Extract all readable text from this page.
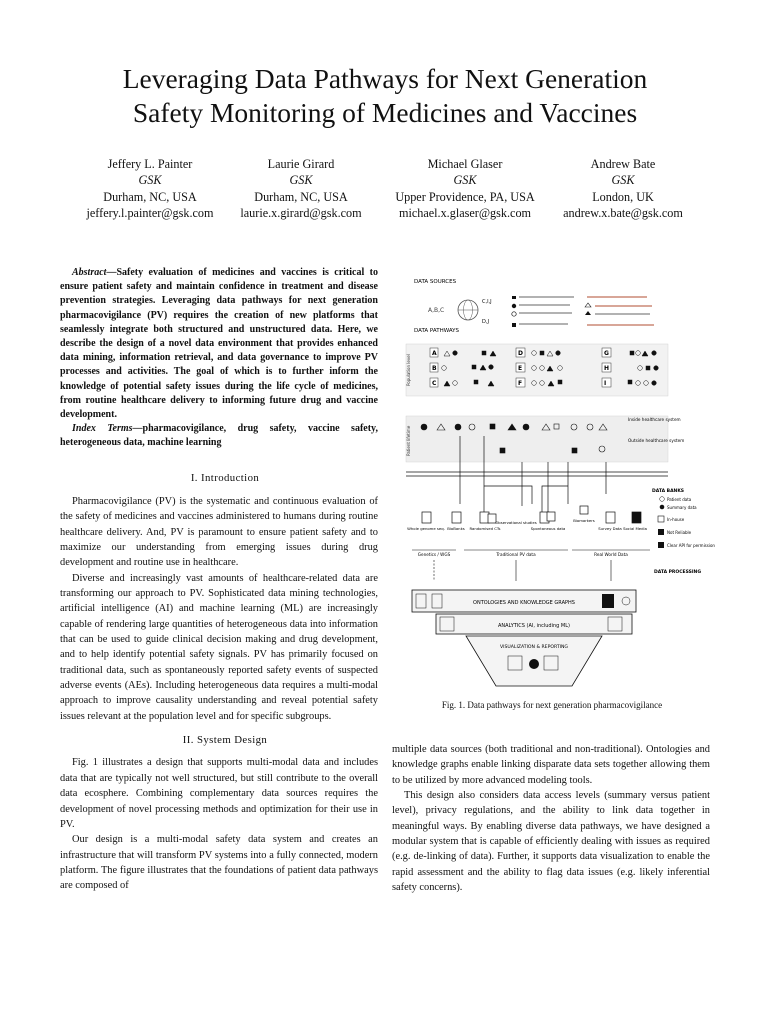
Leveraging Data Pathways for Next Generation
Safety Monitoring of Medicines and Vaccines
Jeffery L. Painter
GSK
Durham, NC, USA
jeffery.l.painter@gsk.com
Laurie Girard
GSK
Durham, NC, USA
laurie.x.girard@gsk.com
Michael Glaser
GSK
Upper Providence, PA, USA
michael.x.glaser@gsk.com
Andrew Bate
GSK
London, UK
andrew.x.bate@gsk.com

Abstract—Safety evaluation of medicines and vaccines is critical to ensure patient safety and maintain confidence in treatment and disease prevention strategies. Leveraging data pathways for next generation pharmacovigilance (PV) requires the creation of new platforms that seamlessly integrate both structured and unstructured data. Here, we describe the design of a novel data environment that provides enhanced data mining, information retrieval, and data governance to improve PV processes and activities. The goal of which is to further inform the knowledge of potential safety issues during the life cycle of medicines, from routine healthcare delivery to informing future drug and vaccine development.

Index Terms—pharmacovigilance, drug safety, vaccine safety, heterogeneous data, machine learning

I. Introduction

Pharmacovigilance (PV) is the systematic and continuous evaluation of the safety of medicines and vaccines administered to humans during routine healthcare delivery. And, PV is paramount to ensure patient safety and to maximize our understanding from emerging issues during drug development and routine use in healthcare.

Diverse and increasingly vast amounts of healthcare-related data are transforming our approach to PV. Sophisticated data mining technologies, artificial intelligence (AI) and machine learning (ML) are increasingly capable of rendering large quantities of heterogeneous data into information that can be used to guide clinical decision making and drug development, and to help identify potential safety signals. PV has primarily focused on traditional data, such as spontaneously reported safety events of suspected adverse events (AEs). Including heterogeneous data requires a multi-modal approach to improve causality understanding and reveal potential safety issues relevant at the population level and for specific subgroups.

II. System Design

Fig. 1 illustrates a design that supports multi-modal data and includes data that are typically not well structured, but still contribute to the overall data ecosphere. Combining complementary data sources requires the development of novel processing methods and optimization for their use in PV.

Our design is a multi-modal safety data system and creates an infrastructure that will transform PV systems into a fully connected, modern platform. The figure illustrates that the foundations of patient data pathways are composed of

DATA SOURCES
A,B,C
C,I,J
D,J
DATA PATHWAYS
Population level
A
B
C
D
E
F
G
H
I
Patient lifetime
Inside healthcare system
Outside healthcare system
DATA BANKS
Patient data
Summary data
In-house
Not Reliable
Clear API for permission
Whole genome seq. BioBanks Randomised CTs
Observational studies
Spontaneous data
Biomarkers
Survey Data Social Media
Genetics / WGS	Traditional PV data	Real World Data
DATA PROCESSING
ONTOLOGIES AND KNOWLEDGE GRAPHS
ANALYTICS (AI, including ML)
VISUALIZATION & REPORTING
Fig. 1. Data pathways for next generation pharmacovigilance

multiple data sources (both traditional and non-traditional). Ontologies and knowledge graphs enable linking disparate data sets together allowing them to be utilized by more advanced modeling tools.

This design also considers data access levels (summary versus patient level), privacy regulations, and the ability to link data together in meaningful ways. By enabling diverse data pathways, we have designed a modular system that is capable of efficiently dealing with issues as required (e.g. de-linking of data). Further, it supports data visualization to enable the rapid assessment and the ability to flag data issues (e.g. likely inferential safety concerns).
